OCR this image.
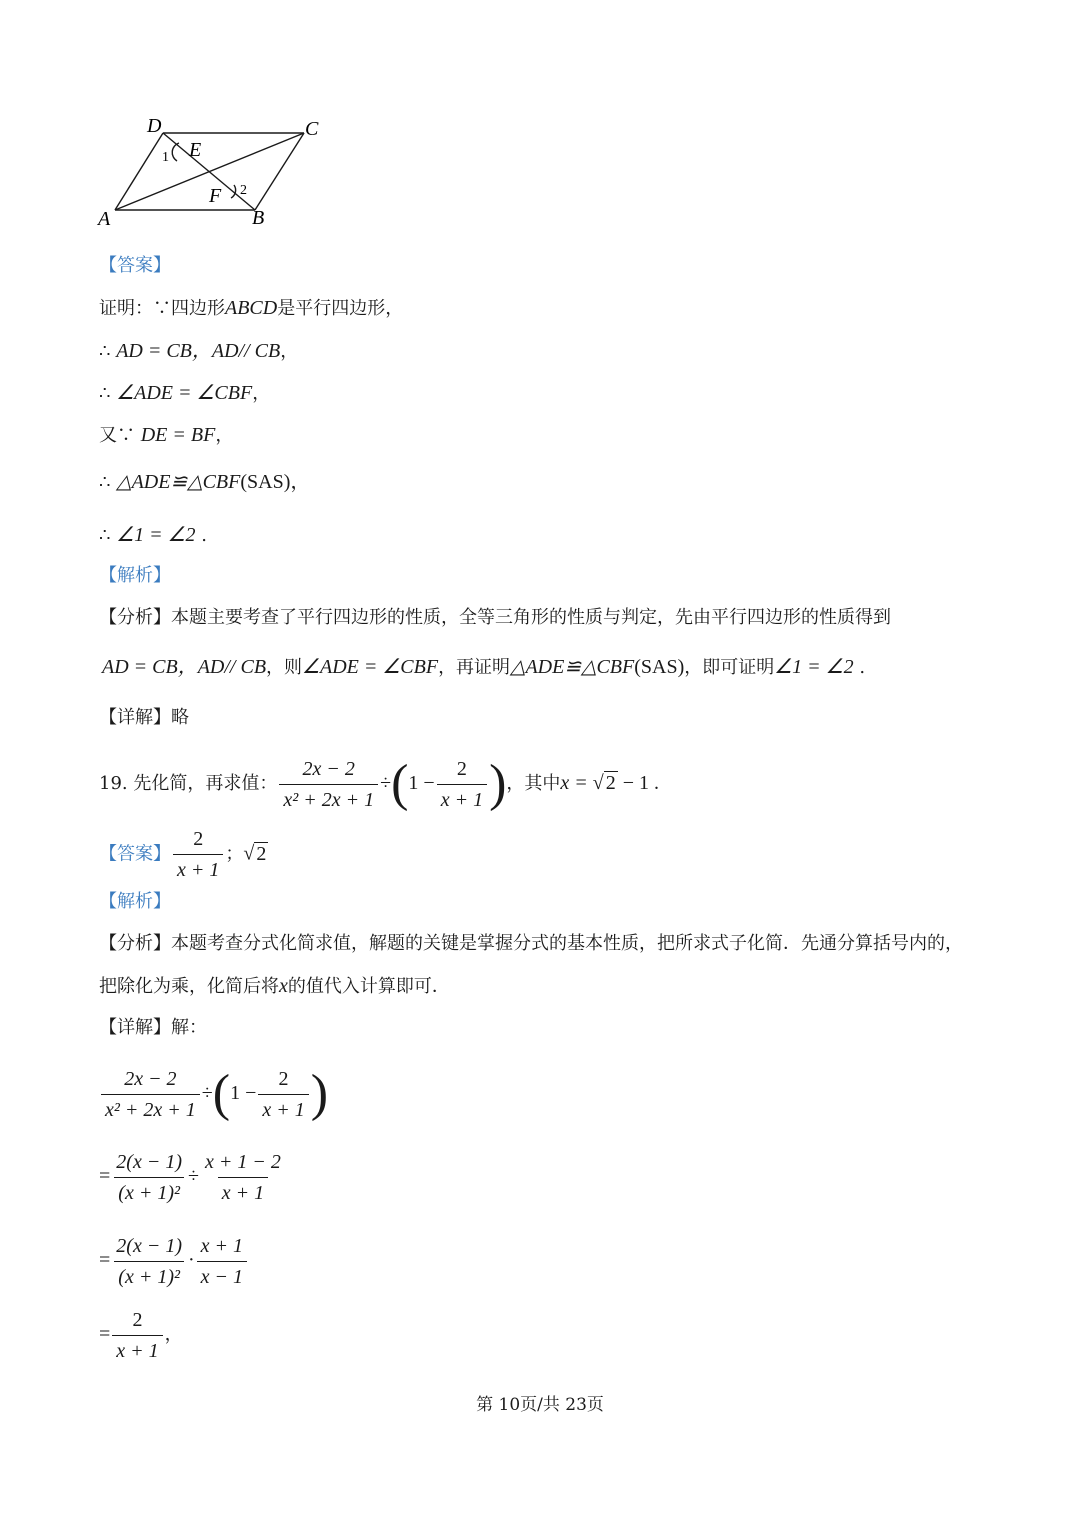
D	C
A	B
E
F
1
2
【答案】
证明：∵四边形ABCD是平行四边形，
∴ AD = CB，AD// CB，
∴ ∠ADE = ∠CBF，
又∵ DE = BF，
∴ △ADE≌△CBF(SAS)，
∴ ∠1 = ∠2 .
【解析】
【分析】本题主要考查了平行四边形的性质，全等三角形的性质与判定，先由平行四边形的性质得到
AD = CB，AD// CB，则∠ADE = ∠CBF，再证明△ADE≌△CBF(SAS)，即可证明∠1 = ∠2 .
【详解】略
19. 先化简，再求值： $\frac{2x - 2}{\text{x² + 2x + 1}} \div(1 - \frac{2}{x + 1}$ )，其中x = √ 2 − 1 .
【答案】 $\frac{2}{x + 1}$ ；√ 2
【解析】
【分析】本题考查分式化简求值，解题的关键是掌握分式的基本性质，把所求式子化简．先通分算括号内的，
把除化为乘，化简后将x的值代入计算即可．
【详解】解：
$\frac{2x - 2}{\text{x² + 2x + 1}} \div(1 - \frac{2}{x + 1}$ )
= $\frac{2(x - 1)}{\text{(x + 1)²}} \div \frac{x + 1 - 2}{x + 1}$
= $\frac{2(x - 1)}{\text{(x + 1)²}} \cdot \frac{x + 1}{x - 1}$
= $\frac{2}{x + 1}$ ，
第 10页/共 23页
